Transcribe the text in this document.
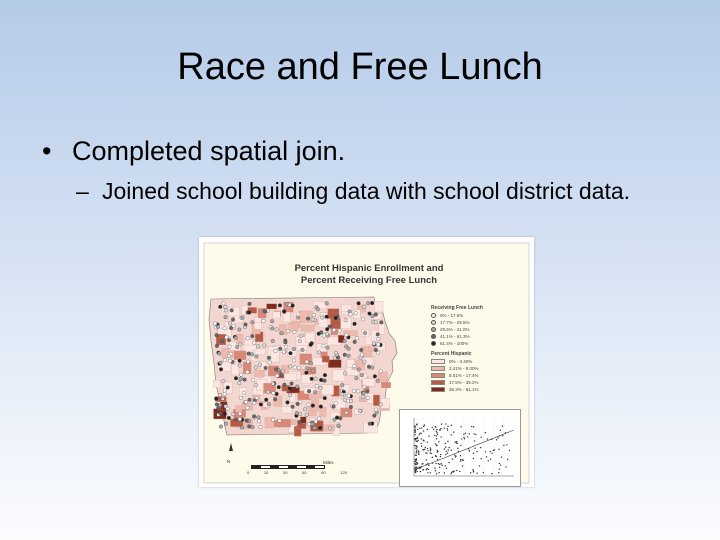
Race and Free Lunch
• Completed spatial join.
– Joined school building data with school district data.
Percent Hispanic Enrollment and
Percent Receiving Free Lunch
Receiving Free Lunch
0% - 17.6%
17.7% - 29.5%
29.6% - 41.0%
41.1% - 61.3%
61.4% - 100%
Percent Hispanic
0% - 3.40%
3.41% - 8.00%
8.01% - 17.4%
17.5% - 35.2%
35.3% - 61.1%
N
0	15	30	60	90	120
Miles
